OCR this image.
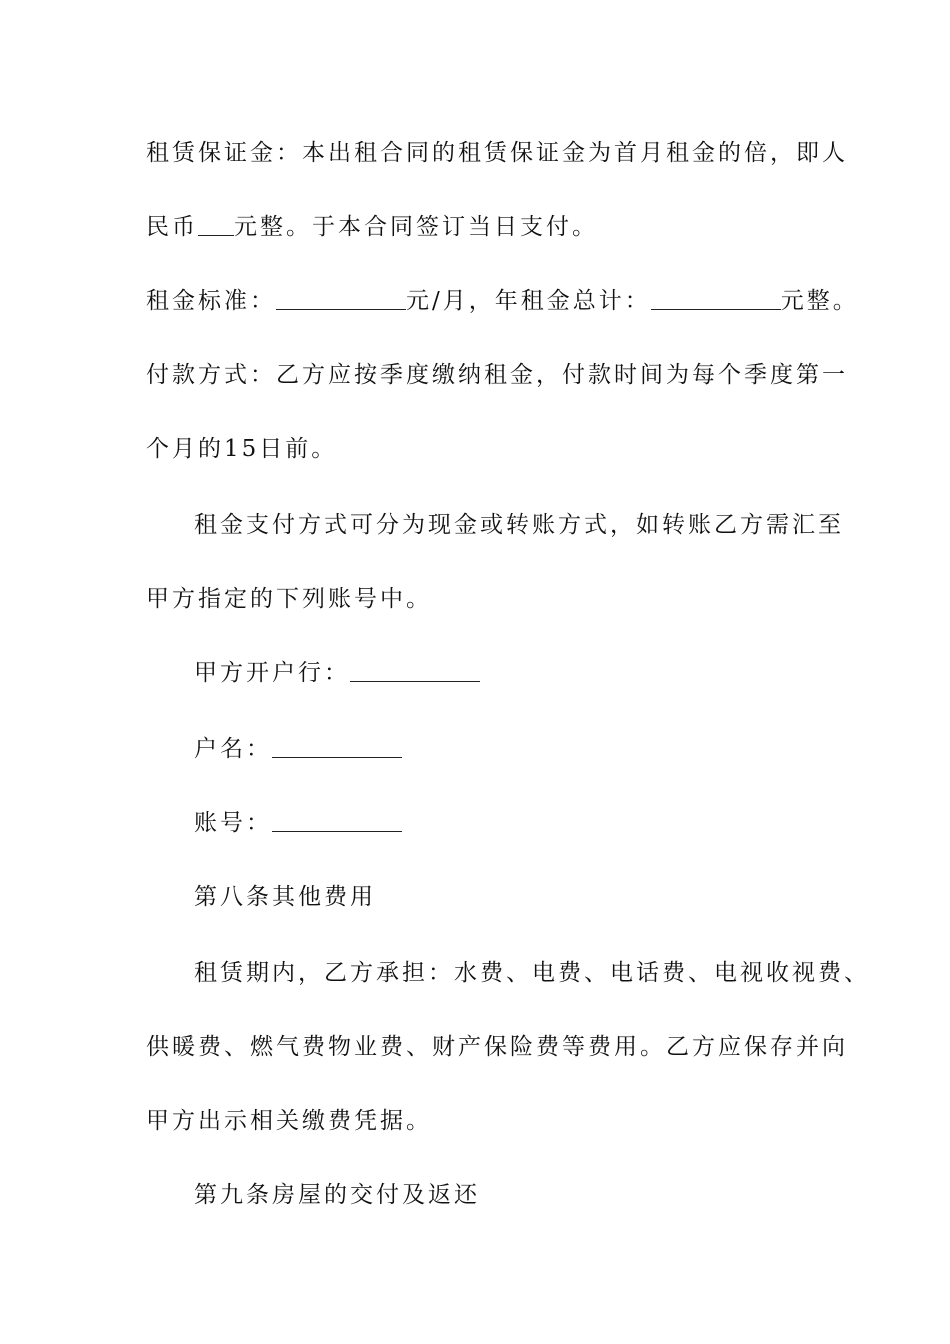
租赁保证金：本出租合同的租赁保证金为首月租金的倍，即人
民币 元整。于本合同签订当日支付。
租金标准：	元/月，年租金总计：	元整。
付款方式：乙方应按季度缴纳租金，付款时间为每个季度第一
个月的15日前。
租金支付方式可分为现金或转账方式，如转账乙方需汇至
甲方指定的下列账号中。
甲方开户行：
户名：
账号：
第八条其他费用
租赁期内，乙方承担：水费、电费、电话费、电视收视费、
供暖费、燃气费物业费、财产保险费等费用。乙方应保存并向
甲方出示相关缴费凭据。
第九条房屋的交付及返还
